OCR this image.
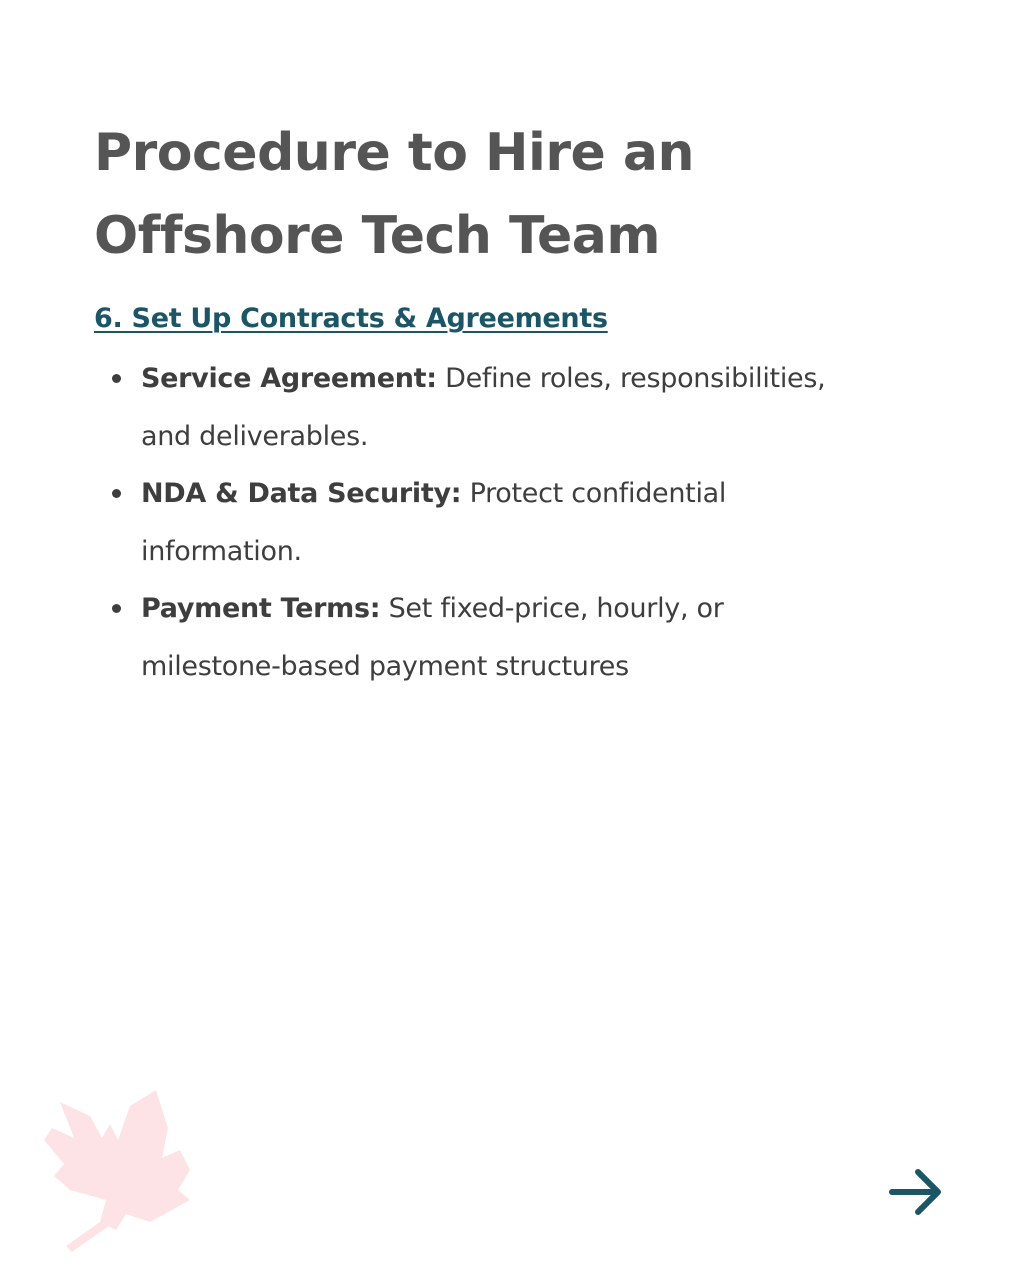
Procedure to Hire an Offshore Tech Team
6. Set Up Contracts & Agreements
Service Agreement: Define roles, responsibilities, and deliverables.
NDA & Data Security: Protect confidential information.
Payment Terms: Set fixed-price, hourly, or milestone-based payment structures
